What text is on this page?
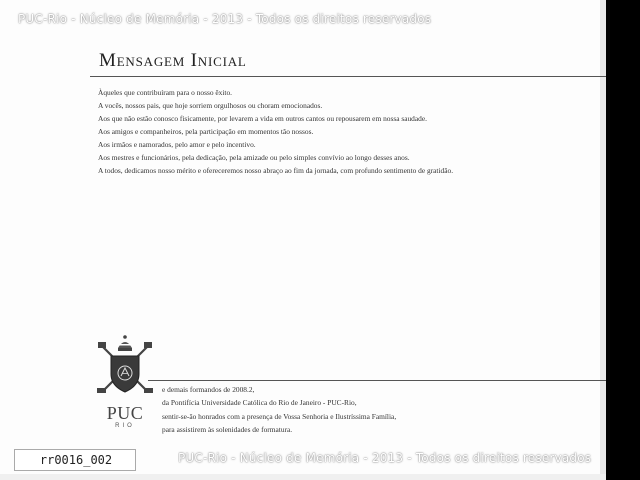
PUC-Rio - Núcleo de Memória - 2013 - Todos os direitos reservados
Mensagem Inicial
Àqueles que contribuíram para o nosso êxito.
A vocês, nossos pais, que hoje sorriem orgulhosos ou choram emocionados.
Aos que não estão conosco fisicamente, por levarem a vida em outros cantos ou repousarem em nossa saudade.
Aos amigos e companheiros, pela participação em momentos tão nossos.
Aos irmãos e namorados, pelo amor e pelo incentivo.
Aos mestres e funcionários, pela dedicação, pela amizade ou pelo simples convívio ao longo desses anos.
A todos, dedicamos nosso mérito e ofereceremos nosso abraço ao fim da jornada, com profundo sentimento de gratidão.
PUC
RIO
e demais formandos de 2008.2,
da Pontifícia Universidade Católica do Rio de Janeiro - PUC-Rio,
sentir-se-ão honrados com a presença de Vossa Senhoria e Ilustríssima Família,
para assistirem às solenidades de formatura.
PUC-Rio - Núcleo de Memória - 2013 - Todos os direitos reservados
rr0016_002
